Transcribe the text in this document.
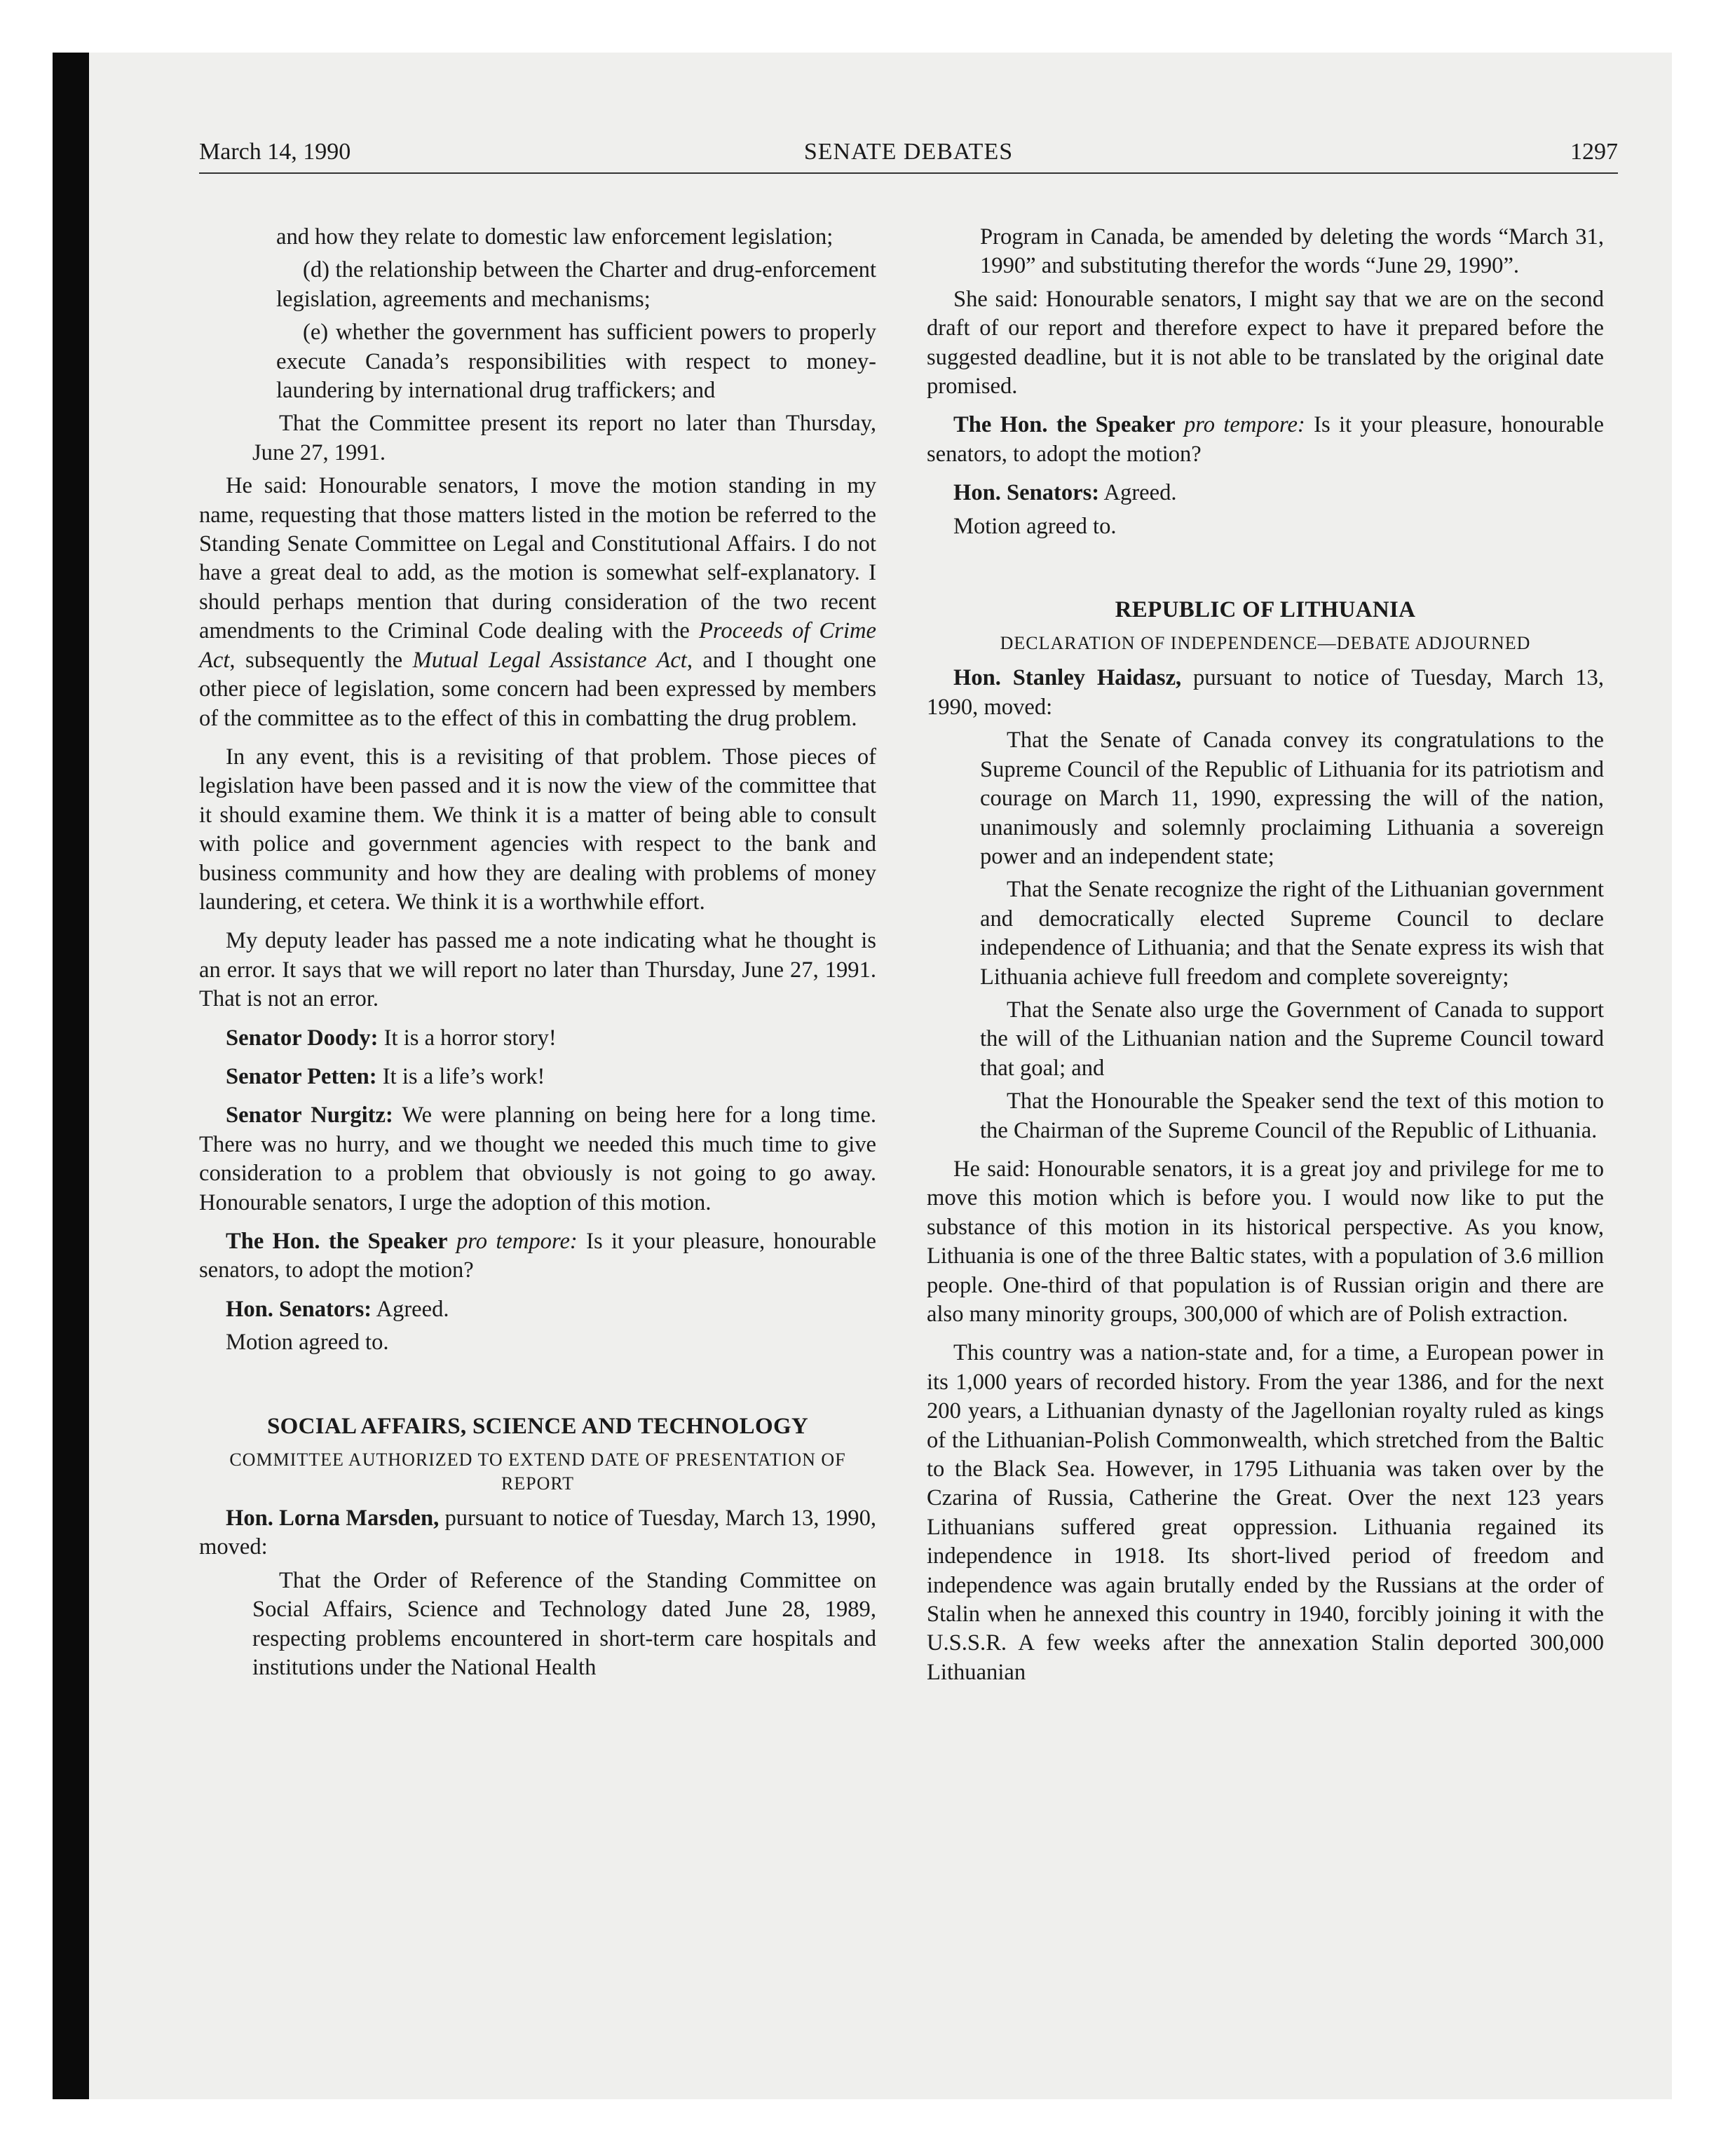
March 14, 1990	SENATE DEBATES	1297

and how they relate to domestic law enforcement legislation;

(d) the relationship between the Charter and drug-enforcement legislation, agreements and mechanisms;

(e) whether the government has sufficient powers to properly execute Canada’s responsibilities with respect to money-laundering by international drug traffickers; and

That the Committee present its report no later than Thursday, June 27, 1991.

He said: Honourable senators, I move the motion standing in my name, requesting that those matters listed in the motion be referred to the Standing Senate Committee on Legal and Constitutional Affairs. I do not have a great deal to add, as the motion is somewhat self-explanatory. I should perhaps mention that during consideration of the two recent amendments to the Criminal Code dealing with the Proceeds of Crime Act, subsequently the Mutual Legal Assistance Act, and I thought one other piece of legislation, some concern had been expressed by members of the committee as to the effect of this in combatting the drug problem.

In any event, this is a revisiting of that problem. Those pieces of legislation have been passed and it is now the view of the committee that it should examine them. We think it is a matter of being able to consult with police and government agencies with respect to the bank and business community and how they are dealing with problems of money laundering, et cetera. We think it is a worthwhile effort.

My deputy leader has passed me a note indicating what he thought is an error. It says that we will report no later than Thursday, June 27, 1991. That is not an error.

Senator Doody: It is a horror story!

Senator Petten: It is a life’s work!

Senator Nurgitz: We were planning on being here for a long time. There was no hurry, and we thought we needed this much time to give consideration to a problem that obviously is not going to go away. Honourable senators, I urge the adoption of this motion.

The Hon. the Speaker pro tempore: Is it your pleasure, honourable senators, to adopt the motion?

Hon. Senators: Agreed.

Motion agreed to.

SOCIAL AFFAIRS, SCIENCE AND TECHNOLOGY
COMMITTEE AUTHORIZED TO EXTEND DATE OF PRESENTATION OF REPORT

Hon. Lorna Marsden, pursuant to notice of Tuesday, March 13, 1990, moved:

That the Order of Reference of the Standing Committee on Social Affairs, Science and Technology dated June 28, 1989, respecting problems encountered in short-term care hospitals and institutions under the National Health

Program in Canada, be amended by deleting the words “March 31, 1990” and substituting therefor the words “June 29, 1990”.

She said: Honourable senators, I might say that we are on the second draft of our report and therefore expect to have it prepared before the suggested deadline, but it is not able to be translated by the original date promised.

The Hon. the Speaker pro tempore: Is it your pleasure, honourable senators, to adopt the motion?

Hon. Senators: Agreed.

Motion agreed to.

REPUBLIC OF LITHUANIA
DECLARATION OF INDEPENDENCE—DEBATE ADJOURNED

Hon. Stanley Haidasz, pursuant to notice of Tuesday, March 13, 1990, moved:

That the Senate of Canada convey its congratulations to the Supreme Council of the Republic of Lithuania for its patriotism and courage on March 11, 1990, expressing the will of the nation, unanimously and solemnly proclaiming Lithuania a sovereign power and an independent state;

That the Senate recognize the right of the Lithuanian government and democratically elected Supreme Council to declare independence of Lithuania; and that the Senate express its wish that Lithuania achieve full freedom and complete sovereignty;

That the Senate also urge the Government of Canada to support the will of the Lithuanian nation and the Supreme Council toward that goal; and

That the Honourable the Speaker send the text of this motion to the Chairman of the Supreme Council of the Republic of Lithuania.

He said: Honourable senators, it is a great joy and privilege for me to move this motion which is before you. I would now like to put the substance of this motion in its historical perspective. As you know, Lithuania is one of the three Baltic states, with a population of 3.6 million people. One-third of that population is of Russian origin and there are also many minority groups, 300,000 of which are of Polish extraction.

This country was a nation-state and, for a time, a European power in its 1,000 years of recorded history. From the year 1386, and for the next 200 years, a Lithuanian dynasty of the Jagellonian royalty ruled as kings of the Lithuanian-Polish Commonwealth, which stretched from the Baltic to the Black Sea. However, in 1795 Lithuania was taken over by the Czarina of Russia, Catherine the Great. Over the next 123 years Lithuanians suffered great oppression. Lithuania regained its independence in 1918. Its short-lived period of freedom and independence was again brutally ended by the Russians at the order of Stalin when he annexed this country in 1940, forcibly joining it with the U.S.S.R. A few weeks after the annexation Stalin deported 300,000 Lithuanian
